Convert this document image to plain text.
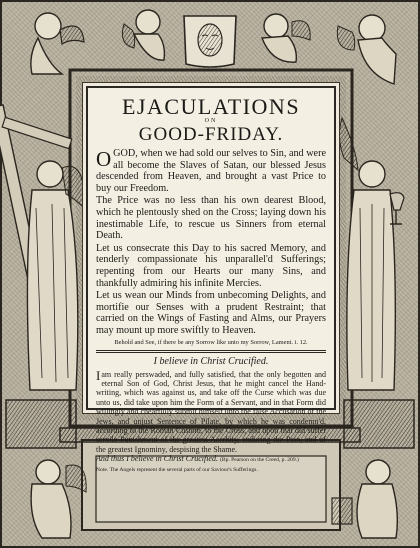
EJACULATIONS
ON
GOOD-FRIDAY.

OGOD, when we had sold our selves to Sin, and were all become the Slaves of Satan, our blessed Jesus descended from Heaven, and brought a vast Price to buy our Freedom.

The Price was no less than his own dearest Blood, which he plentously shed on the Cross; laying down his inestimable Life, to rescue us Sinners from eternal Death.

Let us consecrate this Day to his sacred Memory, and tenderly compassionate his unparallel'd Sufferings; repenting from our Hearts our many Sins, and thankfully admiring his infinite Mercies.

Let us wean our Minds from unbecoming Delights, and mortifie our Senses with a prudent Restraint; that carried on the Wings of Fasting and Alms, our Prayers may mount up more swiftly to Heaven.

Behold and See, if there be any Sorrow like unto my Sorrow, Lament. i. 12.

I believe in Christ Crucified.

Iam really perswaded, and fully satisfied, that the only begotten and eternal Son of God, Christ Jesus, that he might cancel the Hand-writing, which was against us, and take off the Curse which was due unto us, did take upon him the Form of a Servant, and in that Form did willingly and chearfully submit himself unto the false Accusation of the Jews, and unjust Sentence of Pilate, by which he was condemn'd, according to the Roman Custom, to the Cross, and upon that did suffer servile Punishment of the greatest Acerbity, enduring the Pain, and of the greatest Ignominy, despising the Shame.

And thus I believe in Christ Crucified. (Bp. Pearson on the Creed, p. 209.)

Note. The Angels represent the several parts of our Saviour's Sufferings.
